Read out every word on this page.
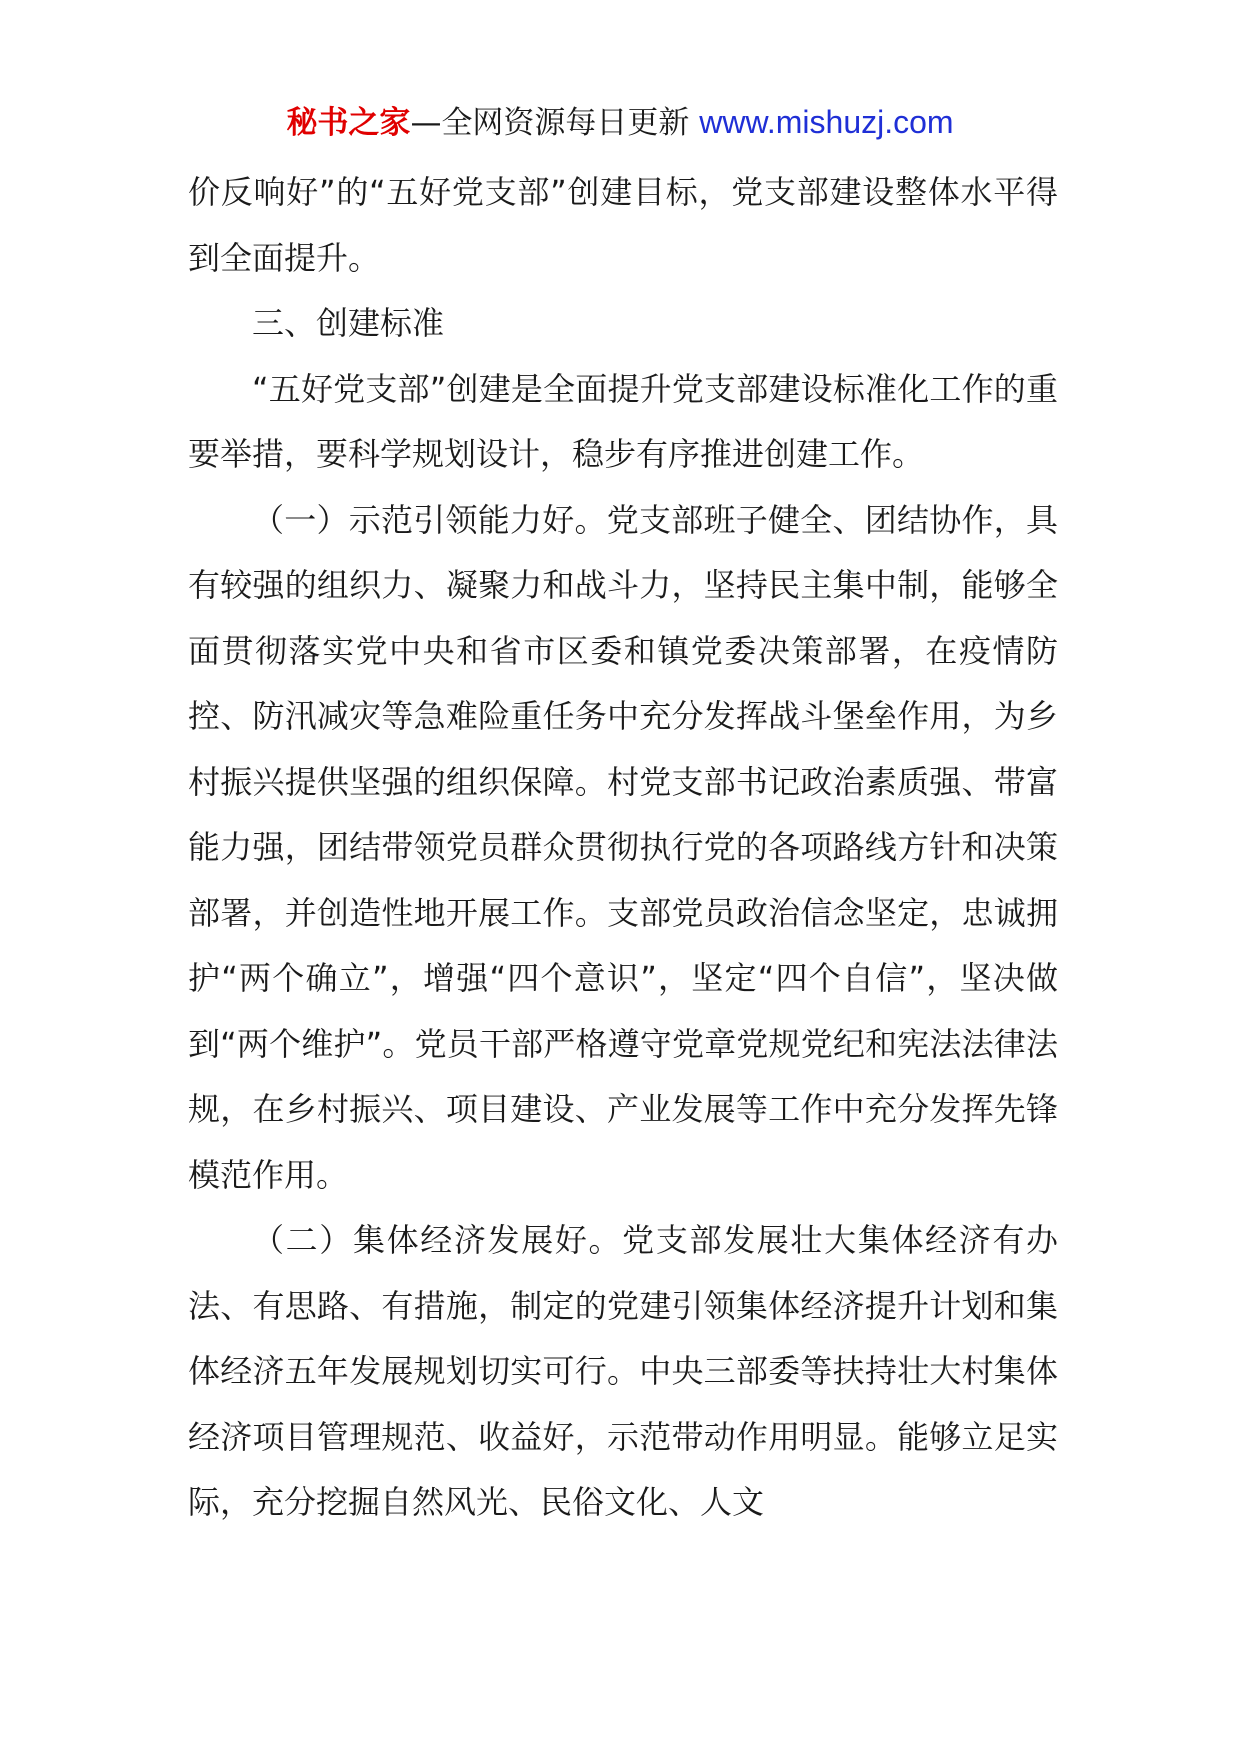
秘书之家—全网资源每日更新 www.mishuzj.com

价反响好”的“五好党支部”创建目标，党支部建设整体水平得到全面提升。

三、创建标准

“五好党支部”创建是全面提升党支部建设标准化工作的重要举措，要科学规划设计，稳步有序推进创建工作。

（一）示范引领能力好。党支部班子健全、团结协作，具有较强的组织力、凝聚力和战斗力，坚持民主集中制，能够全面贯彻落实党中央和省市区委和镇党委决策部署，在疫情防控、防汛减灾等急难险重任务中充分发挥战斗堡垒作用，为乡村振兴提供坚强的组织保障。村党支部书记政治素质强、带富能力强，团结带领党员群众贯彻执行党的各项路线方针和决策部署，并创造性地开展工作。支部党员政治信念坚定，忠诚拥护“两个确立”，增强“四个意识”，坚定“四个自信”，坚决做到“两个维护”。党员干部严格遵守党章党规党纪和宪法法律法规，在乡村振兴、项目建设、产业发展等工作中充分发挥先锋模范作用。

（二）集体经济发展好。党支部发展壮大集体经济有办法、有思路、有措施，制定的党建引领集体经济提升计划和集体经济五年发展规划切实可行。中央三部委等扶持壮大村集体经济项目管理规范、收益好，示范带动作用明显。能够立足实际，充分挖掘自然风光、民俗文化、人文
